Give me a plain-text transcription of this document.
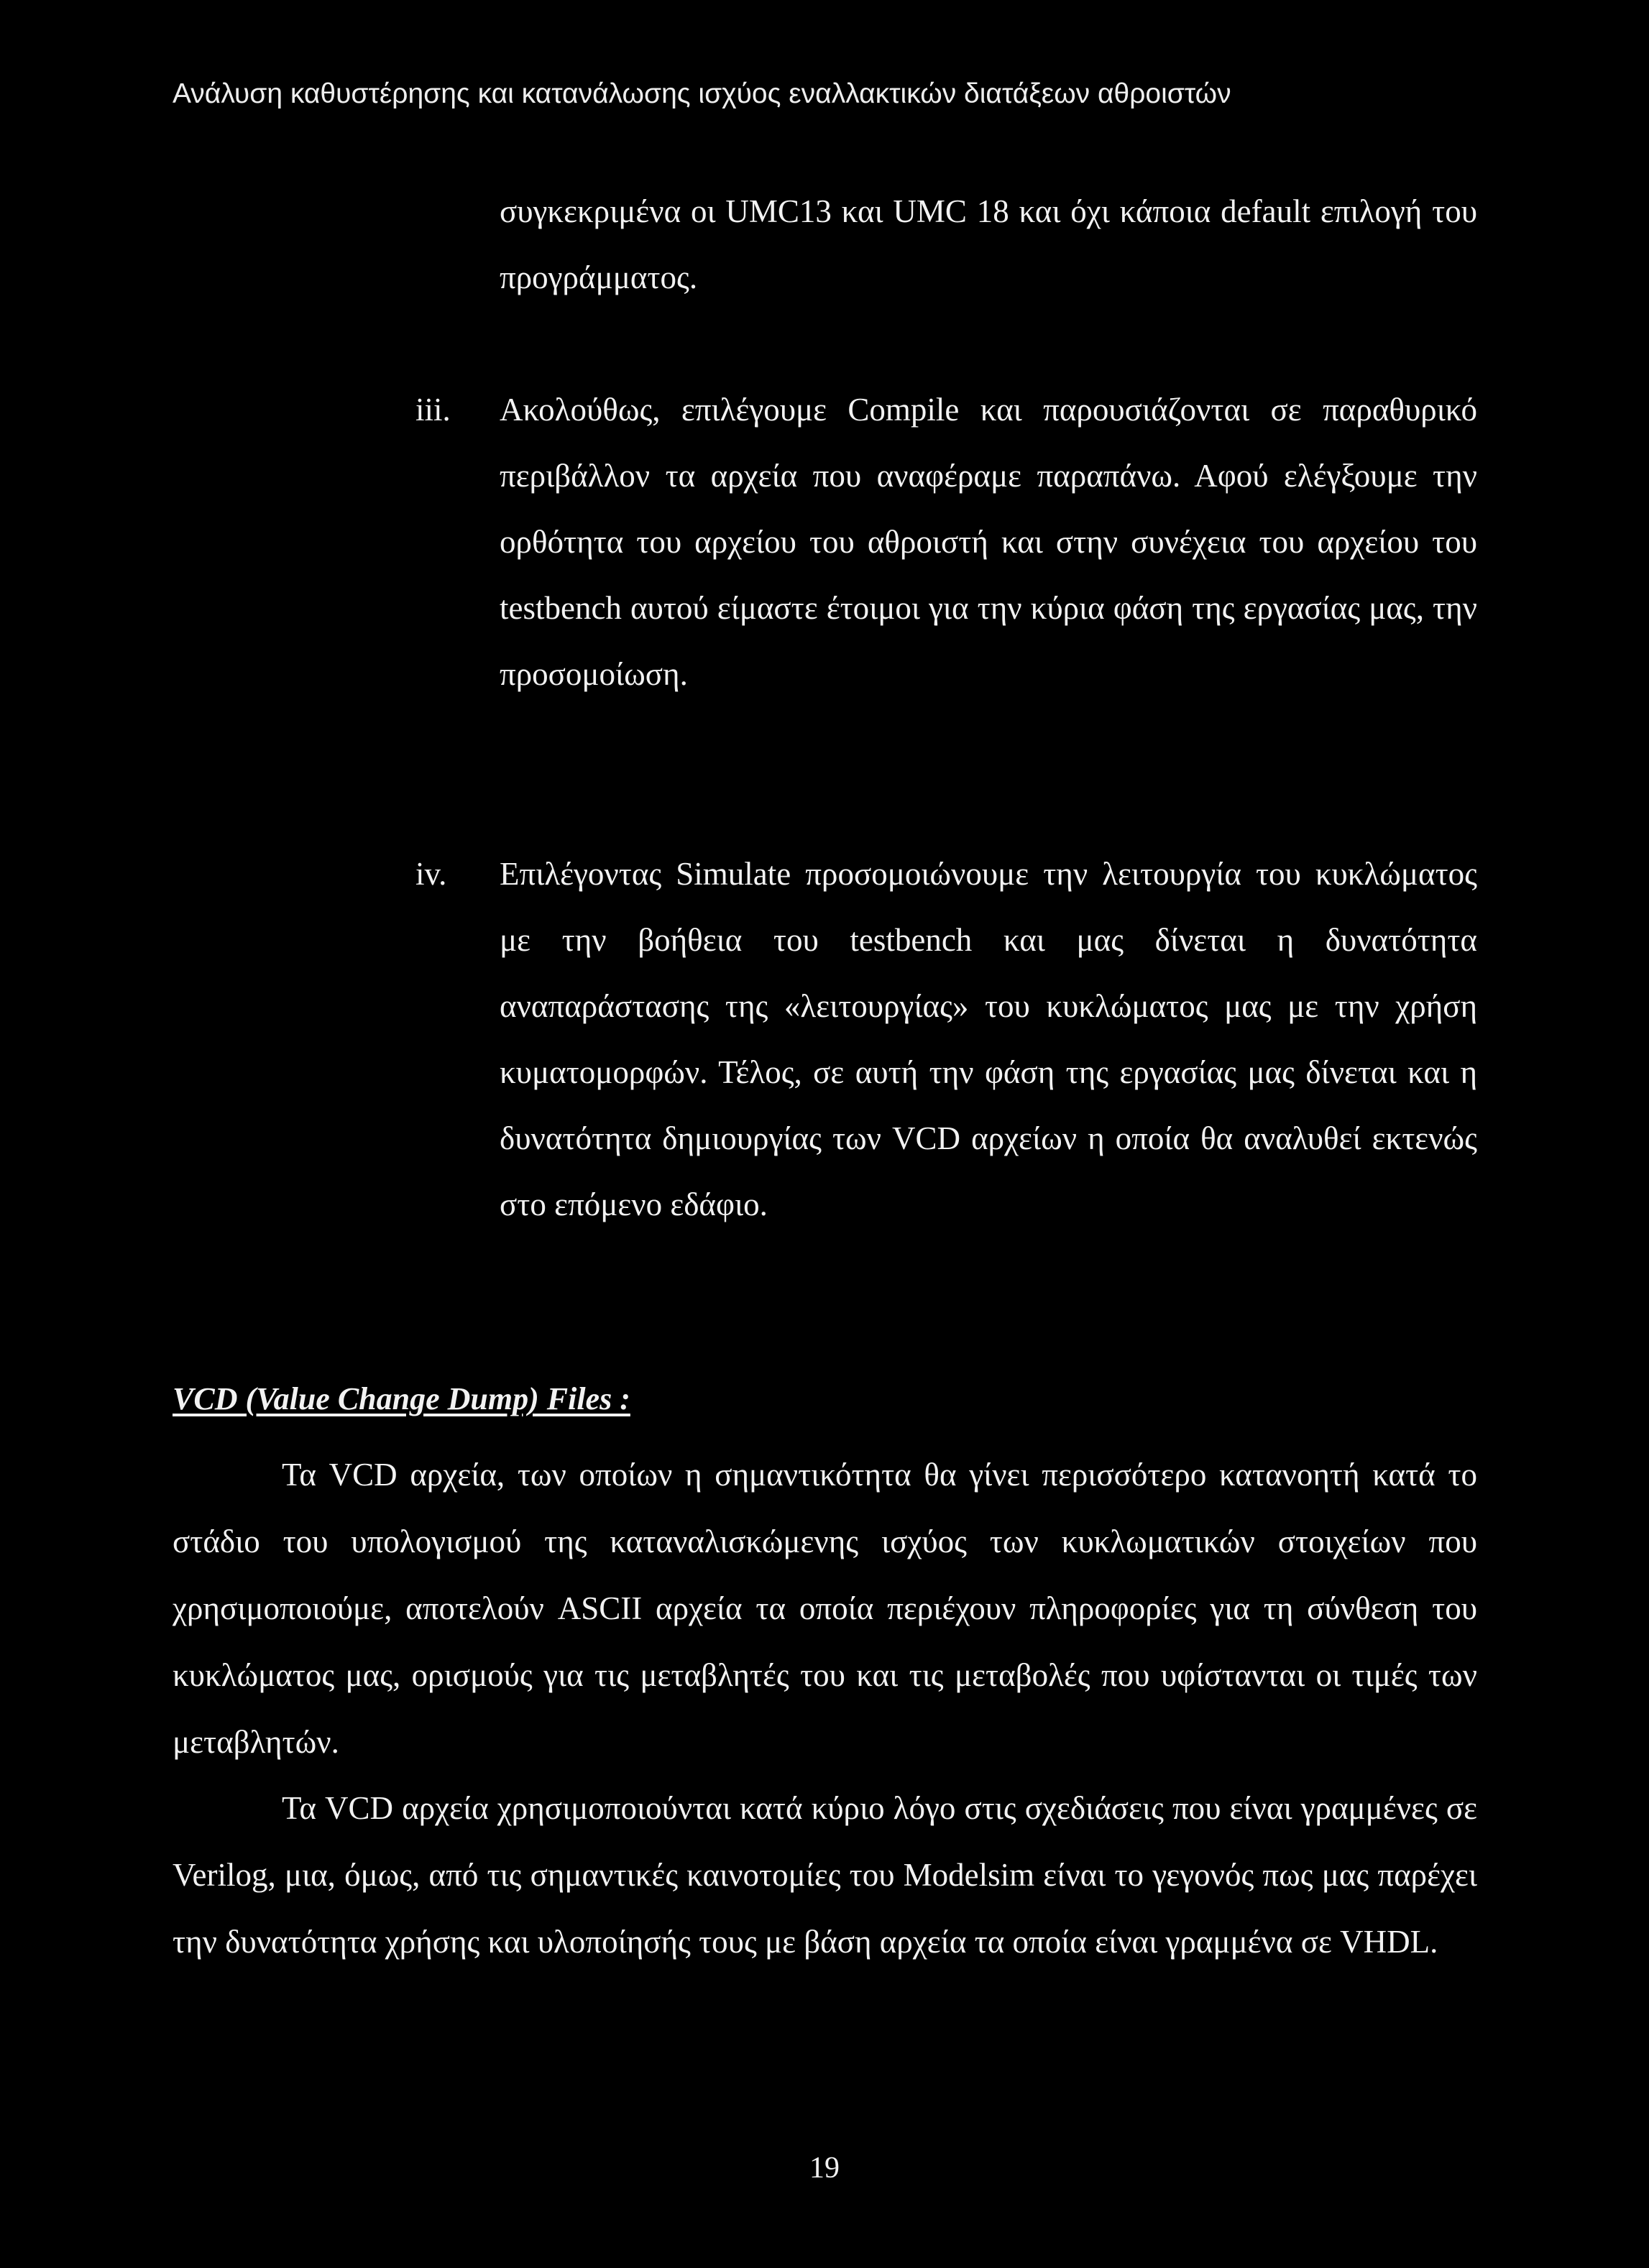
Ανάλυση καθυστέρησης και κατανάλωσης ισχύος εναλλακτικών διατάξεων αθροιστών

συγκεκριμένα οι UMC13 και UMC 18 και όχι κάποια default επιλογή του προγράμματος.

iii. Ακολούθως, επιλέγουμε Compile και παρουσιάζονται σε παραθυρικό περιβάλλον τα αρχεία που αναφέραμε παραπάνω. Αφού ελέγξουμε την ορθότητα του αρχείου του αθροιστή και στην συνέχεια του αρχείου του testbench αυτού είμαστε έτοιμοι για την κύρια φάση της εργασίας μας, την προσομοίωση.

iv. Επιλέγοντας Simulate προσομοιώνουμε την λειτουργία του κυκλώματος με την βοήθεια του testbench και μας δίνεται η δυνατότητα αναπαράστασης της «λειτουργίας» του κυκλώματος μας με την χρήση κυματομορφών. Τέλος, σε αυτή την φάση της εργασίας μας δίνεται και η δυνατότητα δημιουργίας των VCD αρχείων η οποία θα αναλυθεί εκτενώς στο επόμενο εδάφιο.

VCD (Value Change Dump) Files :

Τα VCD αρχεία, των οποίων η σημαντικότητα θα γίνει περισσότερο κατανοητή κατά το στάδιο του υπολογισμού της καταναλισκώμενης ισχύος των κυκλωματικών στοιχείων που χρησιμοποιούμε, αποτελούν ASCII αρχεία τα οποία περιέχουν πληροφορίες για τη σύνθεση του κυκλώματος μας, ορισμούς για τις μεταβλητές του και τις μεταβολές που υφίστανται οι τιμές των μεταβλητών.

Τα VCD αρχεία χρησιμοποιούνται κατά κύριο λόγο στις σχεδιάσεις που είναι γραμμένες σε Verilog, μια, όμως, από τις σημαντικές καινοτομίες του Modelsim είναι το γεγονός πως μας παρέχει την δυνατότητα χρήσης και υλοποίησής τους με βάση αρχεία τα οποία είναι γραμμένα σε VHDL.

19
